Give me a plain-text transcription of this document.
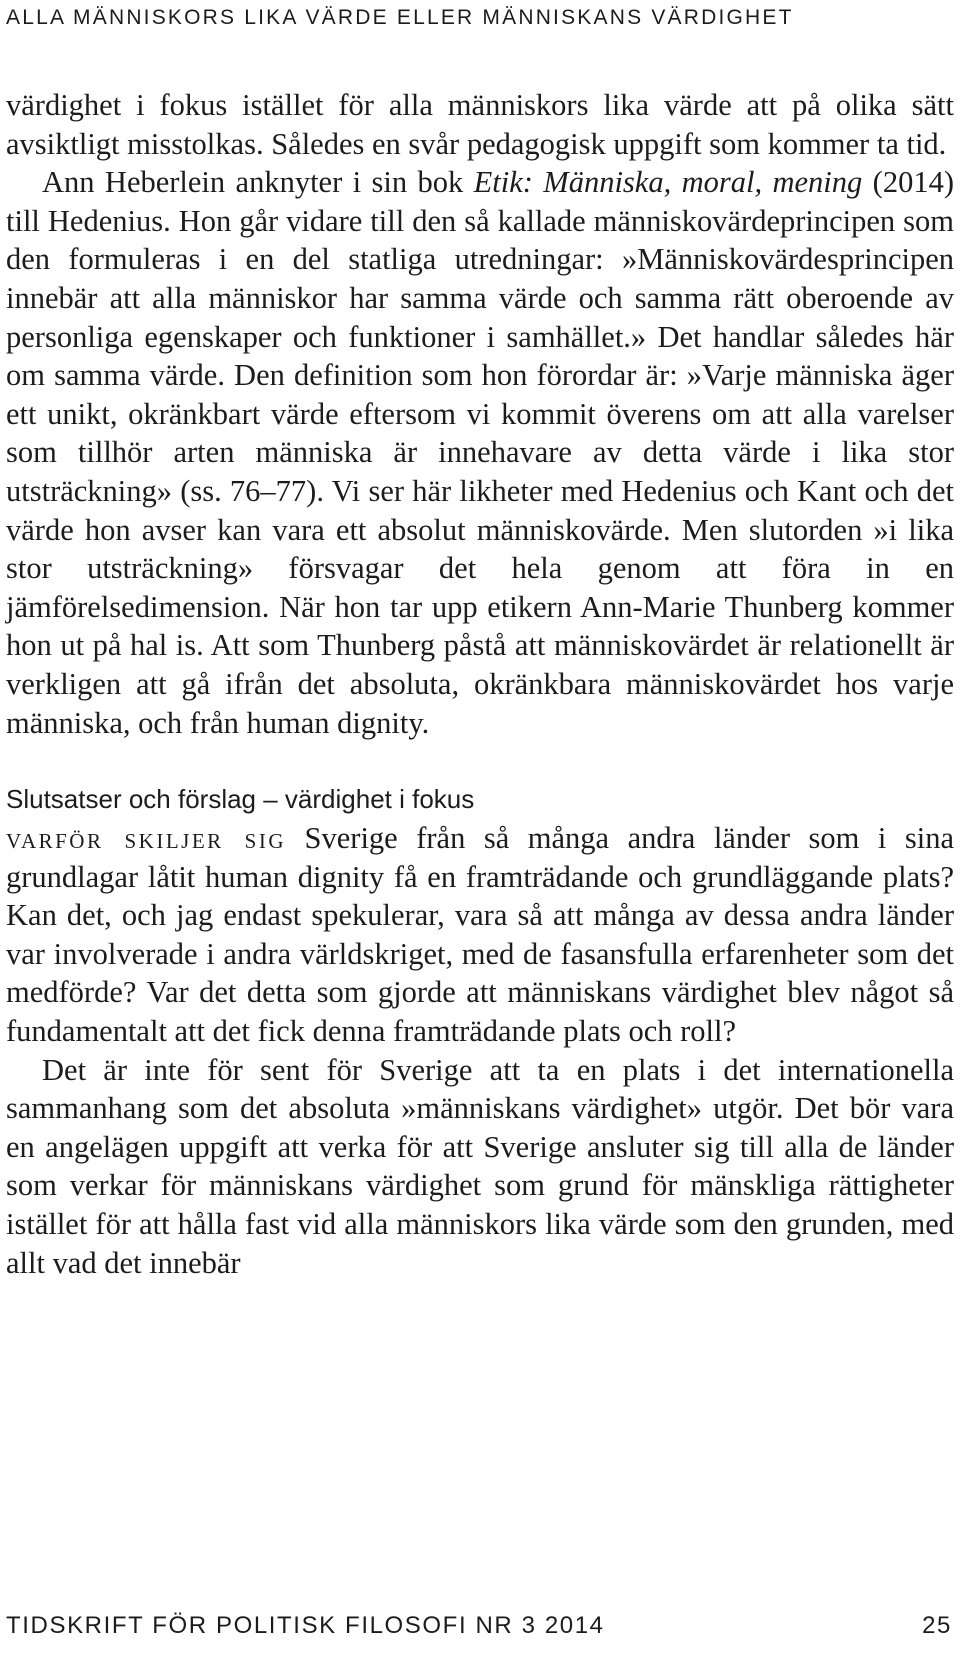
ALLA MÄNNISKORS LIKA VÄRDE ELLER MÄNNISKANS VÄRDIGHET

värdighet i fokus istället för alla människors lika värde att på olika sätt avsiktligt misstolkas. Således en svår pedagogisk uppgift som kommer ta tid.

Ann Heberlein anknyter i sin bok Etik: Människa, moral, mening (2014) till Hedenius. Hon går vidare till den så kallade människovärdeprincipen som den formuleras i en del statliga utredningar: »Människovärdesprincipen innebär att alla människor har samma värde och samma rätt oberoende av personliga egenskaper och funktioner i samhället.» Det handlar således här om samma värde. Den definition som hon förordar är: »Varje människa äger ett unikt, okränkbart värde eftersom vi kommit överens om att alla varelser som tillhör arten människa är innehavare av detta värde i lika stor utsträckning» (ss. 76–77). Vi ser här likheter med Hedenius och Kant och det värde hon avser kan vara ett absolut människovärde. Men slutorden »i lika stor utsträckning» försvagar det hela genom att föra in en jämförelsedimension. När hon tar upp etikern Ann-Marie Thunberg kommer hon ut på hal is. Att som Thunberg påstå att människovärdet är relationellt är verkligen att gå ifrån det absoluta, okränkbara människovärdet hos varje människa, och från human dignity.

Slutsatser och förslag – värdighet i fokus

varför skiljer sig Sverige från så många andra länder som i sina grundlagar låtit human dignity få en framträdande och grundläggande plats? Kan det, och jag endast spekulerar, vara så att många av dessa andra länder var involverade i andra världskriget, med de fasansfulla erfarenheter som det medförde? Var det detta som gjorde att människans värdighet blev något så fundamentalt att det fick denna framträdande plats och roll?

Det är inte för sent för Sverige att ta en plats i det internationella sammanhang som det absoluta »människans värdighet» utgör. Det bör vara en angelägen uppgift att verka för att Sverige ansluter sig till alla de länder som verkar för människans värdighet som grund för mänskliga rättigheter istället för att hålla fast vid alla människors lika värde som den grunden, med allt vad det innebär

TIDSKRIFT FÖR POLITISK FILOSOFI NR 3 2014	25
